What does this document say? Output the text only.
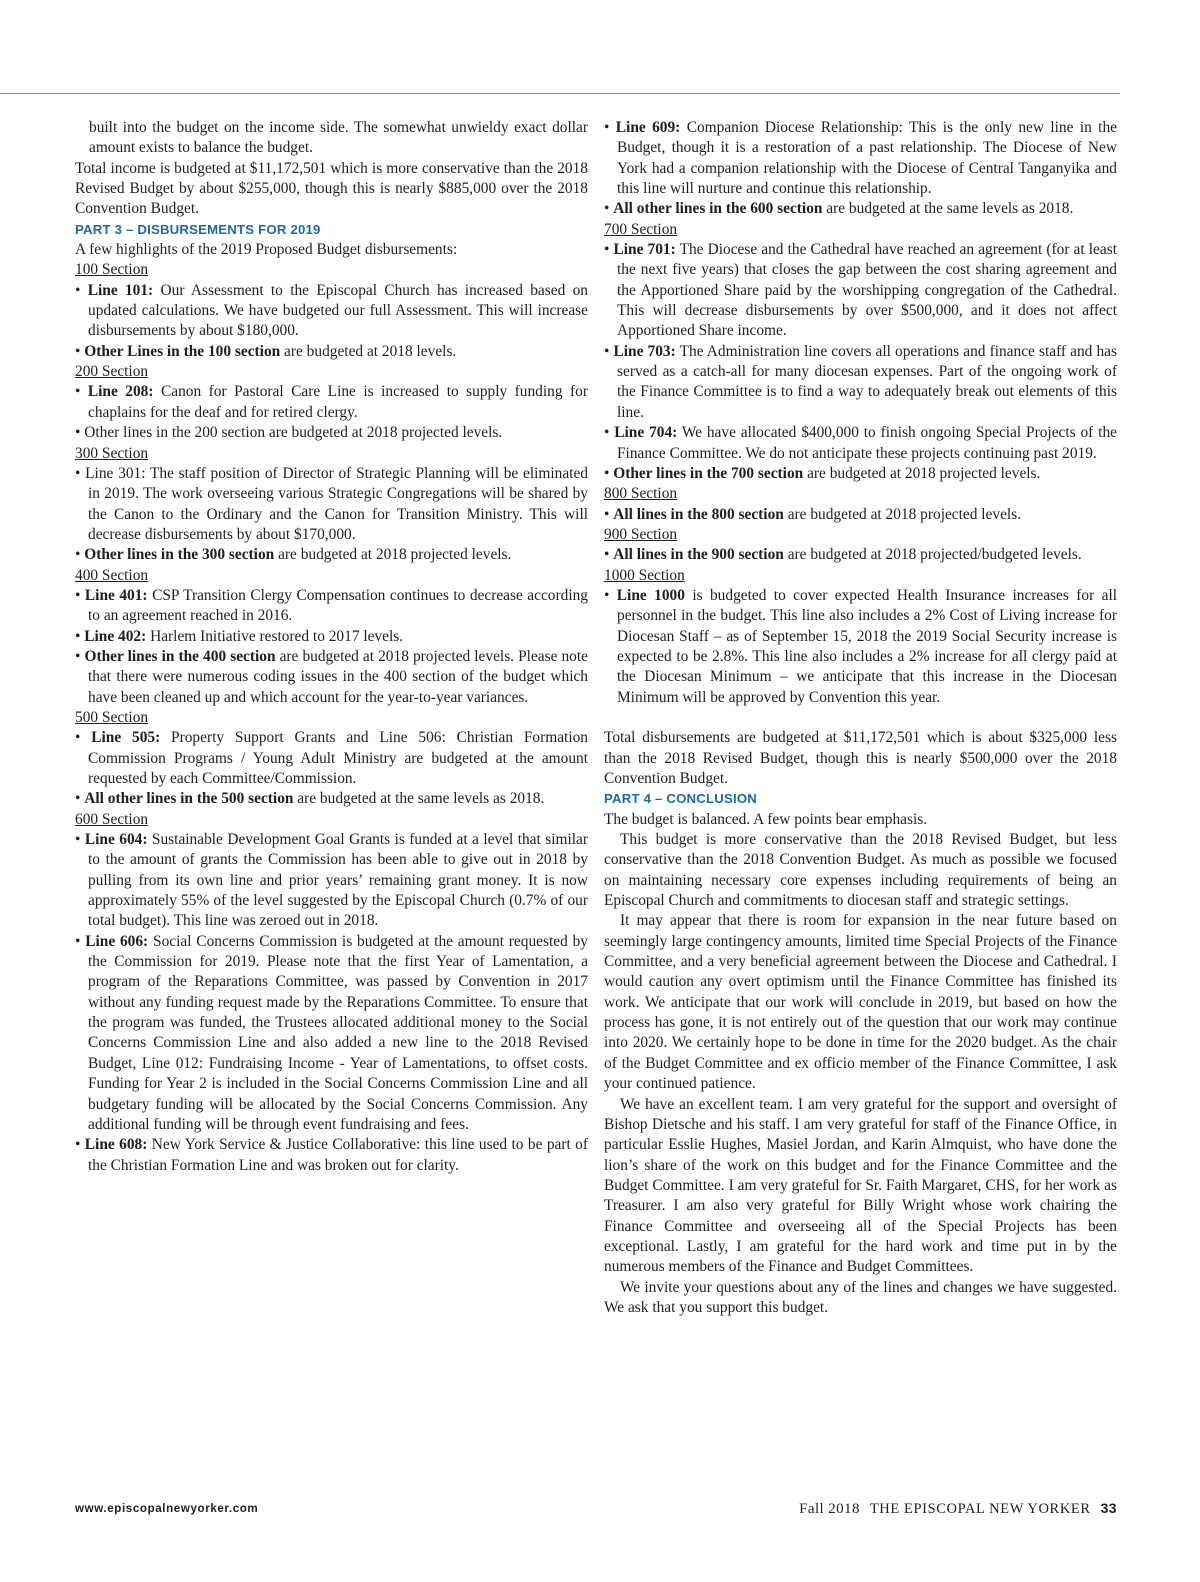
built into the budget on the income side. The somewhat unwieldy exact dollar amount exists to balance the budget.

Total income is budgeted at $11,172,501 which is more conservative than the 2018 Revised Budget by about $255,000, though this is nearly $885,000 over the 2018 Convention Budget.

PART 3 – DISBURSEMENTS FOR 2019

A few highlights of the 2019 Proposed Budget disbursements:

100 Section

• Line 101: Our Assessment to the Episcopal Church has increased based on updated calculations. We have budgeted our full Assessment. This will increase disbursements by about $180,000.

• Other Lines in the 100 section are budgeted at 2018 levels.

200 Section

• Line 208: Canon for Pastoral Care Line is increased to supply funding for chaplains for the deaf and for retired clergy.

• Other lines in the 200 section are budgeted at 2018 projected levels.

300 Section

• Line 301: The staff position of Director of Strategic Planning will be eliminated in 2019. The work overseeing various Strategic Congregations will be shared by the Canon to the Ordinary and the Canon for Transition Ministry. This will decrease disbursements by about $170,000.

• Other lines in the 300 section are budgeted at 2018 projected levels.

400 Section

• Line 401: CSP Transition Clergy Compensation continues to decrease according to an agreement reached in 2016.

• Line 402: Harlem Initiative restored to 2017 levels.

• Other lines in the 400 section are budgeted at 2018 projected levels. Please note that there were numerous coding issues in the 400 section of the budget which have been cleaned up and which account for the year-to-year variances.

500 Section

• Line 505: Property Support Grants and Line 506: Christian Formation Commission Programs / Young Adult Ministry are budgeted at the amount requested by each Committee/Commission.

• All other lines in the 500 section are budgeted at the same levels as 2018.

600 Section

• Line 604: Sustainable Development Goal Grants is funded at a level that similar to the amount of grants the Commission has been able to give out in 2018 by pulling from its own line and prior years’ remaining grant money. It is now approximately 55% of the level suggested by the Episcopal Church (0.7% of our total budget). This line was zeroed out in 2018.

• Line 606: Social Concerns Commission is budgeted at the amount requested by the Commission for 2019. Please note that the first Year of Lamentation, a program of the Reparations Committee, was passed by Convention in 2017 without any funding request made by the Reparations Committee. To ensure that the program was funded, the Trustees allocated additional money to the Social Concerns Commission Line and also added a new line to the 2018 Revised Budget, Line 012: Fundraising Income - Year of Lamentations, to offset costs. Funding for Year 2 is included in the Social Concerns Commission Line and all budgetary funding will be allocated by the Social Concerns Commission. Any additional funding will be through event fundraising and fees.

• Line 608: New York Service & Justice Collaborative: this line used to be part of the Christian Formation Line and was broken out for clarity.

• Line 609: Companion Diocese Relationship: This is the only new line in the Budget, though it is a restoration of a past relationship. The Diocese of New York had a companion relationship with the Diocese of Central Tanganyika and this line will nurture and continue this relationship.

• All other lines in the 600 section are budgeted at the same levels as 2018.

700 Section

• Line 701: The Diocese and the Cathedral have reached an agreement (for at least the next five years) that closes the gap between the cost sharing agreement and the Apportioned Share paid by the worshipping congregation of the Cathedral. This will decrease disbursements by over $500,000, and it does not affect Apportioned Share income.

• Line 703: The Administration line covers all operations and finance staff and has served as a catch-all for many diocesan expenses. Part of the ongoing work of the Finance Committee is to find a way to adequately break out elements of this line.

• Line 704: We have allocated $400,000 to finish ongoing Special Projects of the Finance Committee. We do not anticipate these projects continuing past 2019.

• Other lines in the 700 section are budgeted at 2018 projected levels.

800 Section

• All lines in the 800 section are budgeted at 2018 projected levels.

900 Section

• All lines in the 900 section are budgeted at 2018 projected/budgeted levels.

1000 Section

• Line 1000 is budgeted to cover expected Health Insurance increases for all personnel in the budget. This line also includes a 2% Cost of Living increase for Diocesan Staff – as of September 15, 2018 the 2019 Social Security increase is expected to be 2.8%. This line also includes a 2% increase for all clergy paid at the Diocesan Minimum – we anticipate that this increase in the Diocesan Minimum will be approved by Convention this year.

Total disbursements are budgeted at $11,172,501 which is about $325,000 less than the 2018 Revised Budget, though this is nearly $500,000 over the 2018 Convention Budget.

PART 4 – CONCLUSION

The budget is balanced. A few points bear emphasis.

This budget is more conservative than the 2018 Revised Budget, but less conservative than the 2018 Convention Budget. As much as possible we focused on maintaining necessary core expenses including requirements of being an Episcopal Church and commitments to diocesan staff and strategic settings.

It may appear that there is room for expansion in the near future based on seemingly large contingency amounts, limited time Special Projects of the Finance Committee, and a very beneficial agreement between the Diocese and Cathedral. I would caution any overt optimism until the Finance Committee has finished its work. We anticipate that our work will conclude in 2019, but based on how the process has gone, it is not entirely out of the question that our work may continue into 2020. We certainly hope to be done in time for the 2020 budget. As the chair of the Budget Committee and ex officio member of the Finance Committee, I ask your continued patience.

We have an excellent team. I am very grateful for the support and oversight of Bishop Dietsche and his staff. I am very grateful for staff of the Finance Office, in particular Esslie Hughes, Masiel Jordan, and Karin Almquist, who have done the lion’s share of the work on this budget and for the Finance Committee and the Budget Committee. I am very grateful for Sr. Faith Margaret, CHS, for her work as Treasurer. I am also very grateful for Billy Wright whose work chairing the Finance Committee and overseeing all of the Special Projects has been exceptional. Lastly, I am grateful for the hard work and time put in by the numerous members of the Finance and Budget Committees.

We invite your questions about any of the lines and changes we have suggested. We ask that you support this budget.

www.episcopalnewyorker.com	Fall 2018 THE EPISCOPAL NEW YORKER 33
